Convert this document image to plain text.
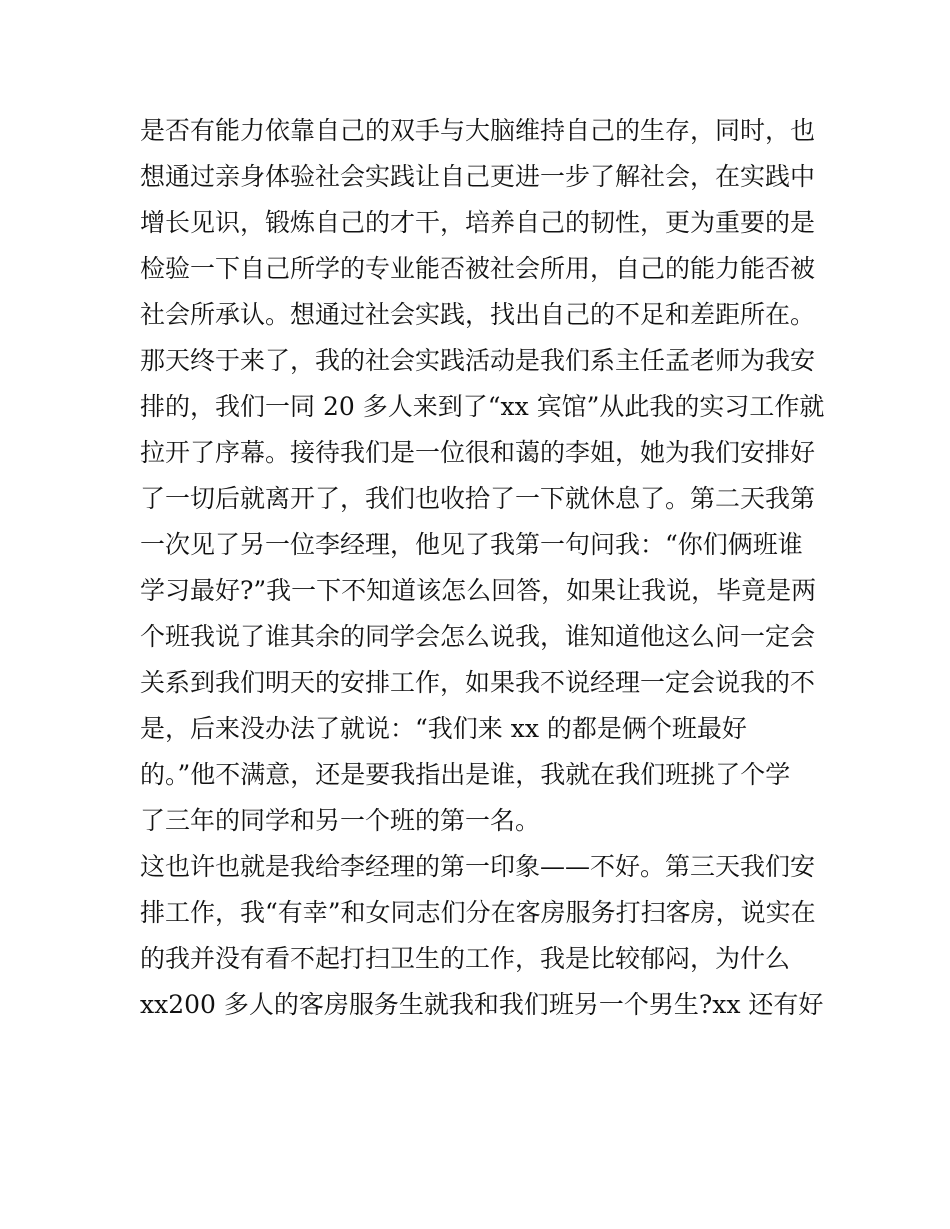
是否有能力依靠自己的双手与大脑维持自己的生存，同时，也
想通过亲身体验社会实践让自己更进一步了解社会，在实践中
增长见识，锻炼自己的才干，培养自己的韧性，更为重要的是
检验一下自己所学的专业能否被社会所用，自己的能力能否被
社会所承认。想通过社会实践，找出自己的不足和差距所在。
那天终于来了，我的社会实践活动是我们系主任孟老师为我安
排的，我们一同 20 多人来到了“xx 宾馆”从此我的实习工作就
拉开了序幕。接待我们是一位很和蔼的李姐，她为我们安排好
了一切后就离开了，我们也收拾了一下就休息了。第二天我第
一次见了另一位李经理，他见了我第一句问我：“你们俩班谁
学习最好?”我一下不知道该怎么回答，如果让我说，毕竟是两
个班我说了谁其余的同学会怎么说我，谁知道他这么问一定会
关系到我们明天的安排工作，如果我不说经理一定会说我的不
是，后来没办法了就说：“我们来 xx 的都是俩个班最好
的。”他不满意，还是要我指出是谁，我就在我们班挑了个学
了三年的同学和另一个班的第一名。
这也许也就是我给李经理的第一印象——不好。第三天我们安
排工作，我“有幸”和女同志们分在客房服务打扫客房，说实在
的我并没有看不起打扫卫生的工作，我是比较郁闷，为什么
xx200 多人的客房服务生就我和我们班另一个男生?xx 还有好
